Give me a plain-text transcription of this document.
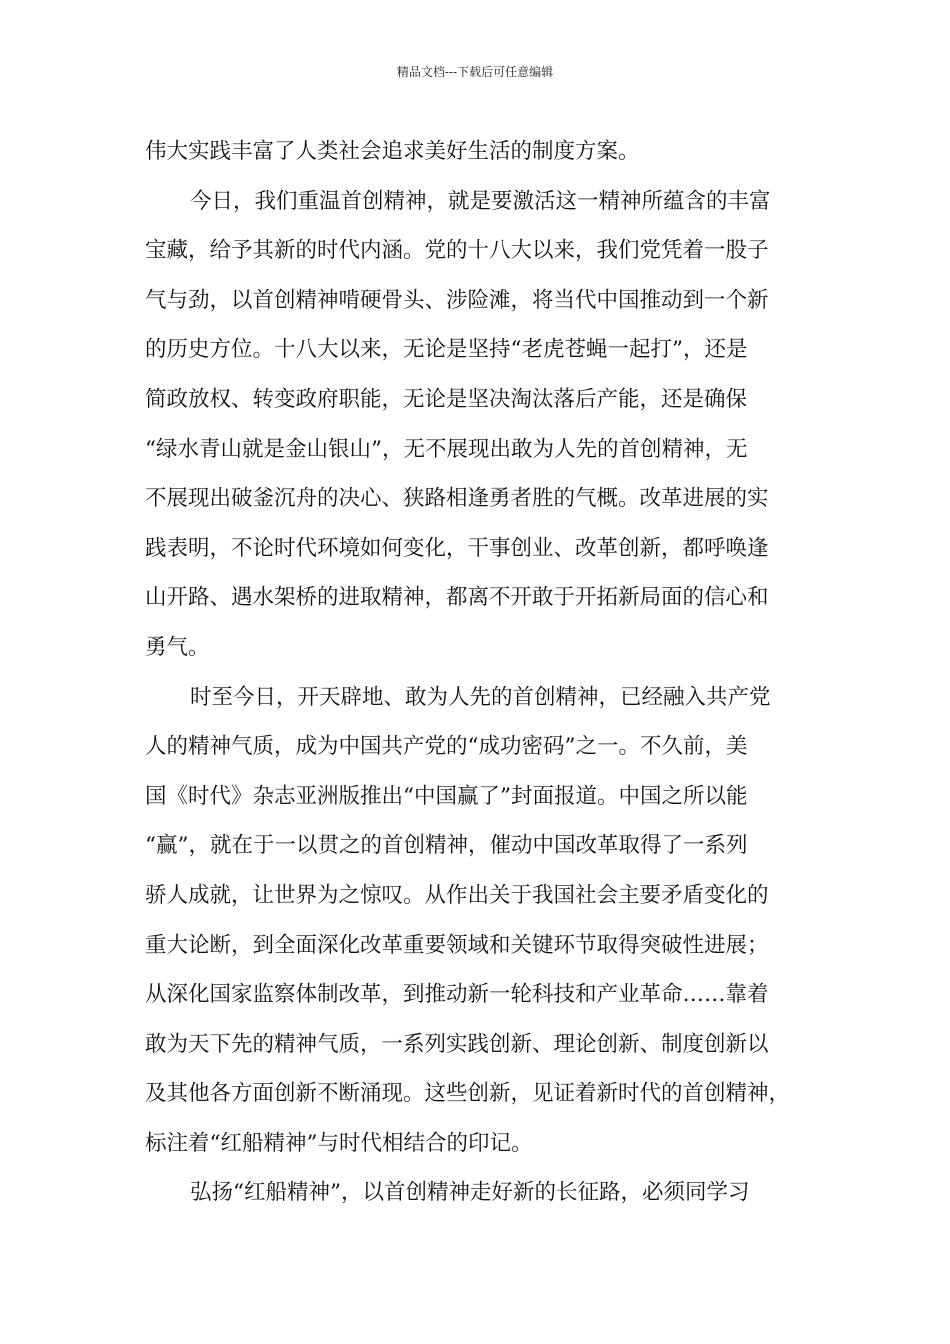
精品文档---下载后可任意编辑
伟大实践丰富了人类社会追求美好生活的制度方案。
今日，我们重温首创精神，就是要激活这一精神所蕴含的丰富
宝藏，给予其新的时代内涵。党的十八大以来，我们党凭着一股子
气与劲，以首创精神啃硬骨头、涉险滩，将当代中国推动到一个新
的历史方位。十八大以来，无论是坚持“老虎苍蝇一起打”，还是
简政放权、转变政府职能，无论是坚决淘汰落后产能，还是确保
“绿水青山就是金山银山”，无不展现出敢为人先的首创精神，无
不展现出破釜沉舟的决心、狭路相逢勇者胜的气概。改革进展的实
践表明，不论时代环境如何变化，干事创业、改革创新，都呼唤逢
山开路、遇水架桥的进取精神，都离不开敢于开拓新局面的信心和
勇气。
时至今日，开天辟地、敢为人先的首创精神，已经融入共产党
人的精神气质，成为中国共产党的“成功密码”之一。不久前，美
国《时代》杂志亚洲版推出“中国赢了”封面报道。中国之所以能
“赢”，就在于一以贯之的首创精神，催动中国改革取得了一系列
骄人成就，让世界为之惊叹。从作出关于我国社会主要矛盾变化的
重大论断，到全面深化改革重要领域和关键环节取得突破性进展；
从深化国家监察体制改革，到推动新一轮科技和产业革命……靠着
敢为天下先的精神气质，一系列实践创新、理论创新、制度创新以
及其他各方面创新不断涌现。这些创新，见证着新时代的首创精神，
标注着“红船精神”与时代相结合的印记。
弘扬“红船精神”，以首创精神走好新的长征路，必须同学习
